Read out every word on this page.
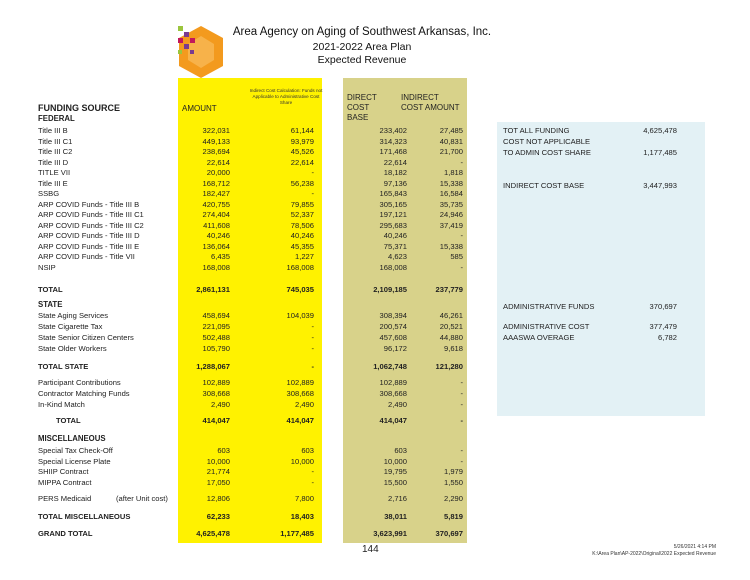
Area Agency on Aging of Southwest Arkansas, Inc.
2021-2022 Area Plan
Expected Revenue
FUNDING SOURCE	AMOUNT
Indirect Cost Calculation: Funds not Applicable to Administrative Cost Share
DIRECT COST BASE
INDIRECT COST AMOUNT
FEDERAL
STATE
MISCELLANEOUS
Title III B	322,031	61,144	233,402	27,485
Title III C1	449,133	93,979	314,323	40,831
Title III C2	238,694	45,526	171,468	21,700
Title III D	22,614	22,614	22,614	-
TITLE VII	20,000	-	18,182	1,818
Title III E	168,712	56,238	97,136	15,338
SSBG	182,427	-	165,843	16,584
ARP COVID Funds - Title III B	420,755	79,855	305,165	35,735
ARP COVID Funds - Title III C1	274,404	52,337	197,121	24,946
ARP COVID Funds - Title III C2	411,608	78,506	295,683	37,419
ARP COVID Funds - Title III D	40,246	40,246	40,246	-
ARP COVID Funds - Title III E	136,064	45,355	75,371	15,338
ARP COVID Funds - Title VII	6,435	1,227	4,623	585
NSIP	168,008	168,008	168,008	-
TOTAL	2,861,131	745,035	2,109,185	237,779
State Aging Services	458,694	104,039	308,394	46,261
State Cigarette Tax	221,095	-	200,574	20,521
State Senior Citizen Centers	502,488	-	457,608	44,880
State Older Workers	105,790	-	96,172	9,618
TOTAL STATE	1,288,067	-	1,062,748	121,280
Participant Contributions	102,889	102,889	102,889	-
Contractor Matching Funds	308,668	308,668	308,668	-
In-Kind Match	2,490	2,490	2,490	-
TOTAL	414,047	414,047	414,047	-
Special Tax Check-Off	603	603	603	-
Special License Plate	10,000	10,000	10,000	-
SHIIP Contract	21,774	-	19,795	1,979
MIPPA Contract	17,050	-	15,500	1,550
PERS Medicaid	(after Unit cost)	12,806	7,800	2,716	2,290
TOTAL MISCELLANEOUS	62,233	18,403	38,011	5,819
GRAND TOTAL	4,625,478	1,177,485	3,623,991	370,697
TOT ALL FUNDING	4,625,478
COST NOT APPLICABLE
TO ADMIN COST SHARE	1,177,485
INDIRECT COST BASE	3,447,993
ADMINISTRATIVE FUNDS	370,697
ADMINISTRATIVE COST	377,479
AAASWA OVERAGE	6,782
144	5/26/2021 4:14 PM
K:\Area Plan\AP-2022\Original\2022 Expected Revenue
